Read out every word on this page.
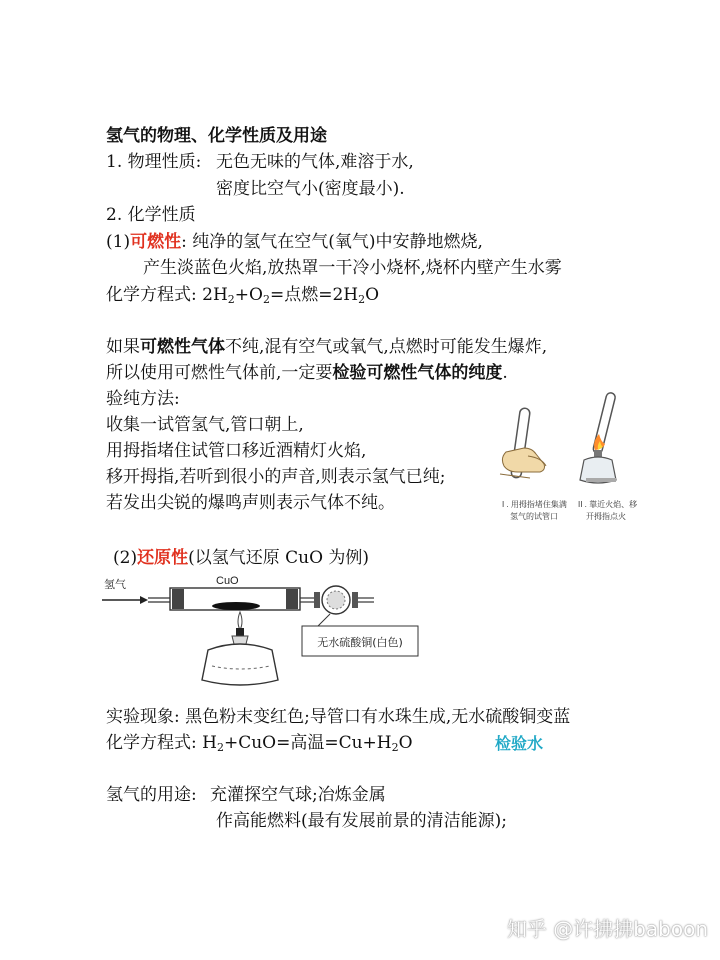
氢气的物理、化学性质及用途
1. 物理性质: 无色无味的气体,难溶于水,
密度比空气小(密度最小).
2. 化学性质
(1)可燃性: 纯净的氢气在空气(氧气)中安静地燃烧,
产生淡蓝色火焰,放热罩一干冷小烧杯,烧杯内壁产生水雾
化学方程式: $2H_2+O_2=$点燃$=2H_2O$
如果可燃性气体不纯,混有空气或氧气,点燃时可能发生爆炸,
所以使用可燃性气体前,一定要检验可燃性气体的纯度.
验纯方法:
收集一试管氢气,管口朝上,
用拇指堵住试管口移近酒精灯火焰,
移开拇指,若听到很小的声音,则表示氢气已纯;
若发出尖锐的爆鸣声则表示气体不纯。	I . 用拇指堵住集满
氢气的试管口
II . 靠近火焰、移
开拇指点火
(2)还原性(以氢气还原 CuO 为例)
氢气	CuO
无水硫酸铜(白色)
实验现象: 黑色粉末变红色;导管口有水珠生成,无水硫酸铜变蓝
化学方程式: $H_2+CuO=$高温$=Cu+H_2O$	检验水
氢气的用途: 充灌探空气球;冶炼金属
作高能燃料(最有发展前景的清洁能源);
知乎 @许拂拂baboon
